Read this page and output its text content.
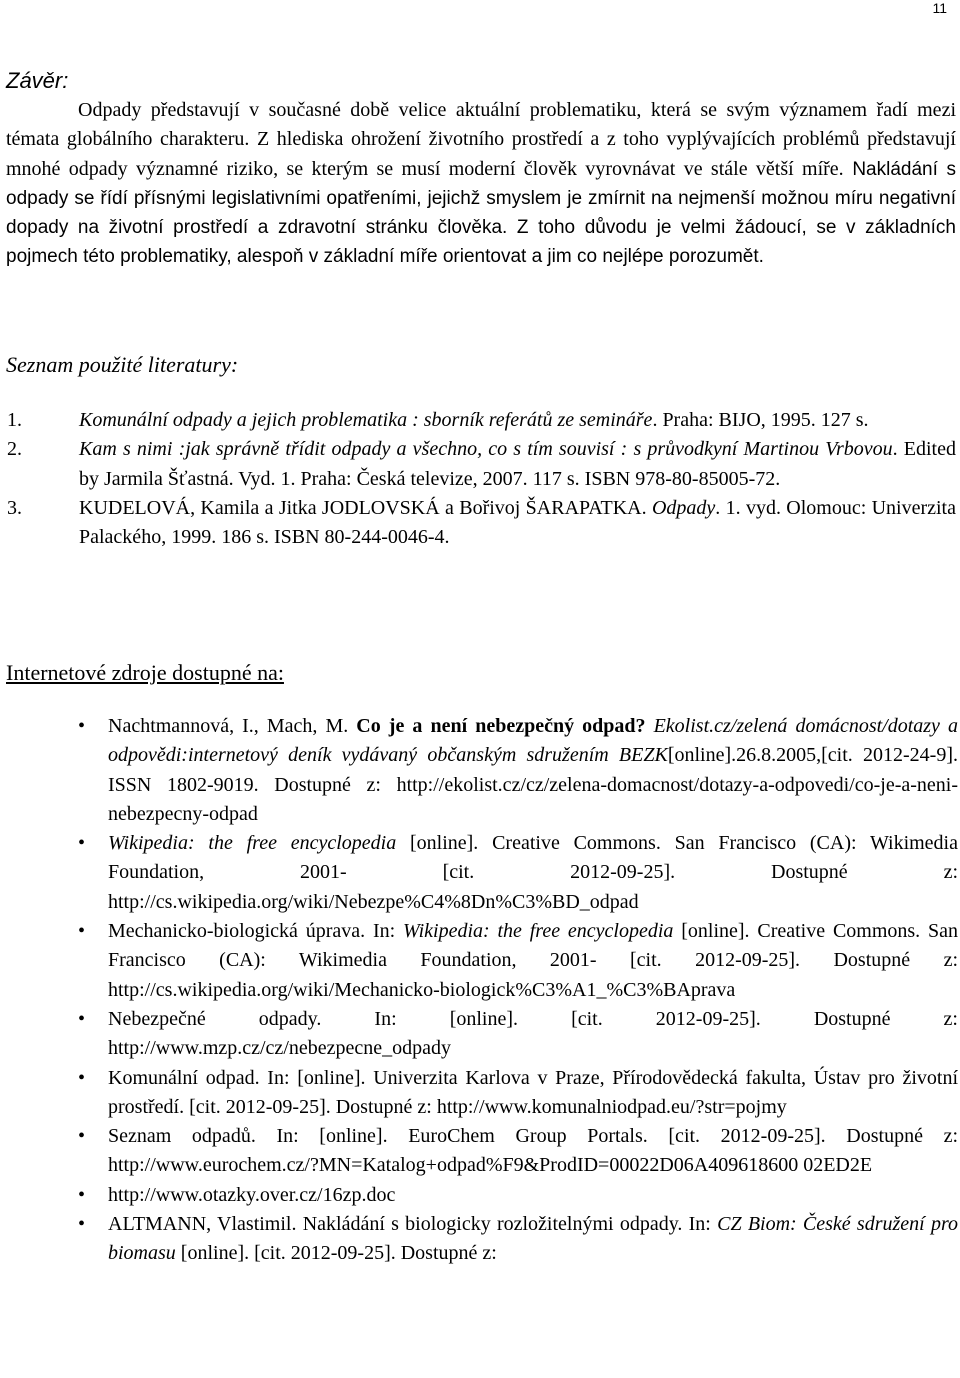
11
Závěr:
Odpady představují v současné době velice aktuální problematiku, která se svým významem řadí mezi témata globálního charakteru. Z hlediska ohrožení životního prostředí a z toho vyplývajících problémů představují mnohé odpady významné riziko, se kterým se musí moderní člověk vyrovnávat ve stále větší míře. Nakládání s odpady se řídí přísnými legislativními opatřeními, jejichž smyslem je zmírnit na nejmenší možnou míru negativní dopady na životní prostředí a zdravotní stránku člověka. Z toho důvodu je velmi žádoucí, se v základních pojmech této problematiky, alespoň v základní míře orientovat a jim co nejlépe porozumět.
Seznam použité literatury:
1.	Komunální odpady a jejich problematika : sborník referátů ze semináře. Praha: BIJO, 1995. 127 s.
2.	Kam s nimi :jak správně třídit odpady a všechno, co s tím souvisí : s průvodkyní Martinou Vrbovou. Edited by Jarmila Šťastná. Vyd. 1. Praha: Česká televize, 2007. 117 s. ISBN 978-80-85005-72.
3.	KUDELOVÁ, Kamila a Jitka JODLOVSKÁ a Bořivoj ŠARAPATKA. Odpady. 1. vyd. Olomouc: Univerzita Palackého, 1999. 186 s. ISBN 80-244-0046-4.
Internetové zdroje dostupné na:
• Nachtmannová, I., Mach, M. Co je a není nebezpečný odpad? Ekolist.cz/zelená domácnost/dotazy a odpovědi:internetový deník vydávaný občanským sdružením BEZK[online].26.8.2005,[cit. 2012-24-9]. ISSN 1802-9019. Dostupné z: http://ekolist.cz/cz/zelena-domacnost/dotazy-a-odpovedi/co-je-a-neni-nebezpecny-odpad
• Wikipedia: the free encyclopedia [online]. Creative Commons. San Francisco (CA): Wikimedia Foundation, 2001- [cit. 2012-09-25]. Dostupné z: http://cs.wikipedia.org/wiki/Nebezpe%C4%8Dn%C3%BD_odpad
• Mechanicko-biologická úprava. In: Wikipedia: the free encyclopedia [online]. Creative Commons. San Francisco (CA): Wikimedia Foundation, 2001- [cit. 2012-09-25]. Dostupné z: http://cs.wikipedia.org/wiki/Mechanicko-biologick%C3%A1_%C3%BAprava
• Nebezpečné odpady. In: [online]. [cit. 2012-09-25]. Dostupné z: http://www.mzp.cz/cz/nebezpecne_odpady
• Komunální odpad. In: [online]. Univerzita Karlova v Praze, Přírodovědecká fakulta, Ústav pro životní prostředí. [cit. 2012-09-25]. Dostupné z: http://www.komunalniodpad.eu/?str=pojmy
• Seznam odpadů. In: [online]. EuroChem Group Portals. [cit. 2012-09-25]. Dostupné z: http://www.eurochem.cz/?MN=Katalog+odpad%F9&ProdID=00022D06A409618600 02ED2E
• http://www.otazky.over.cz/16zp.doc
• ALTMANN, Vlastimil. Nakládání s biologicky rozložitelnými odpady. In: CZ Biom: České sdružení pro biomasu [online]. [cit. 2012-09-25]. Dostupné z:
